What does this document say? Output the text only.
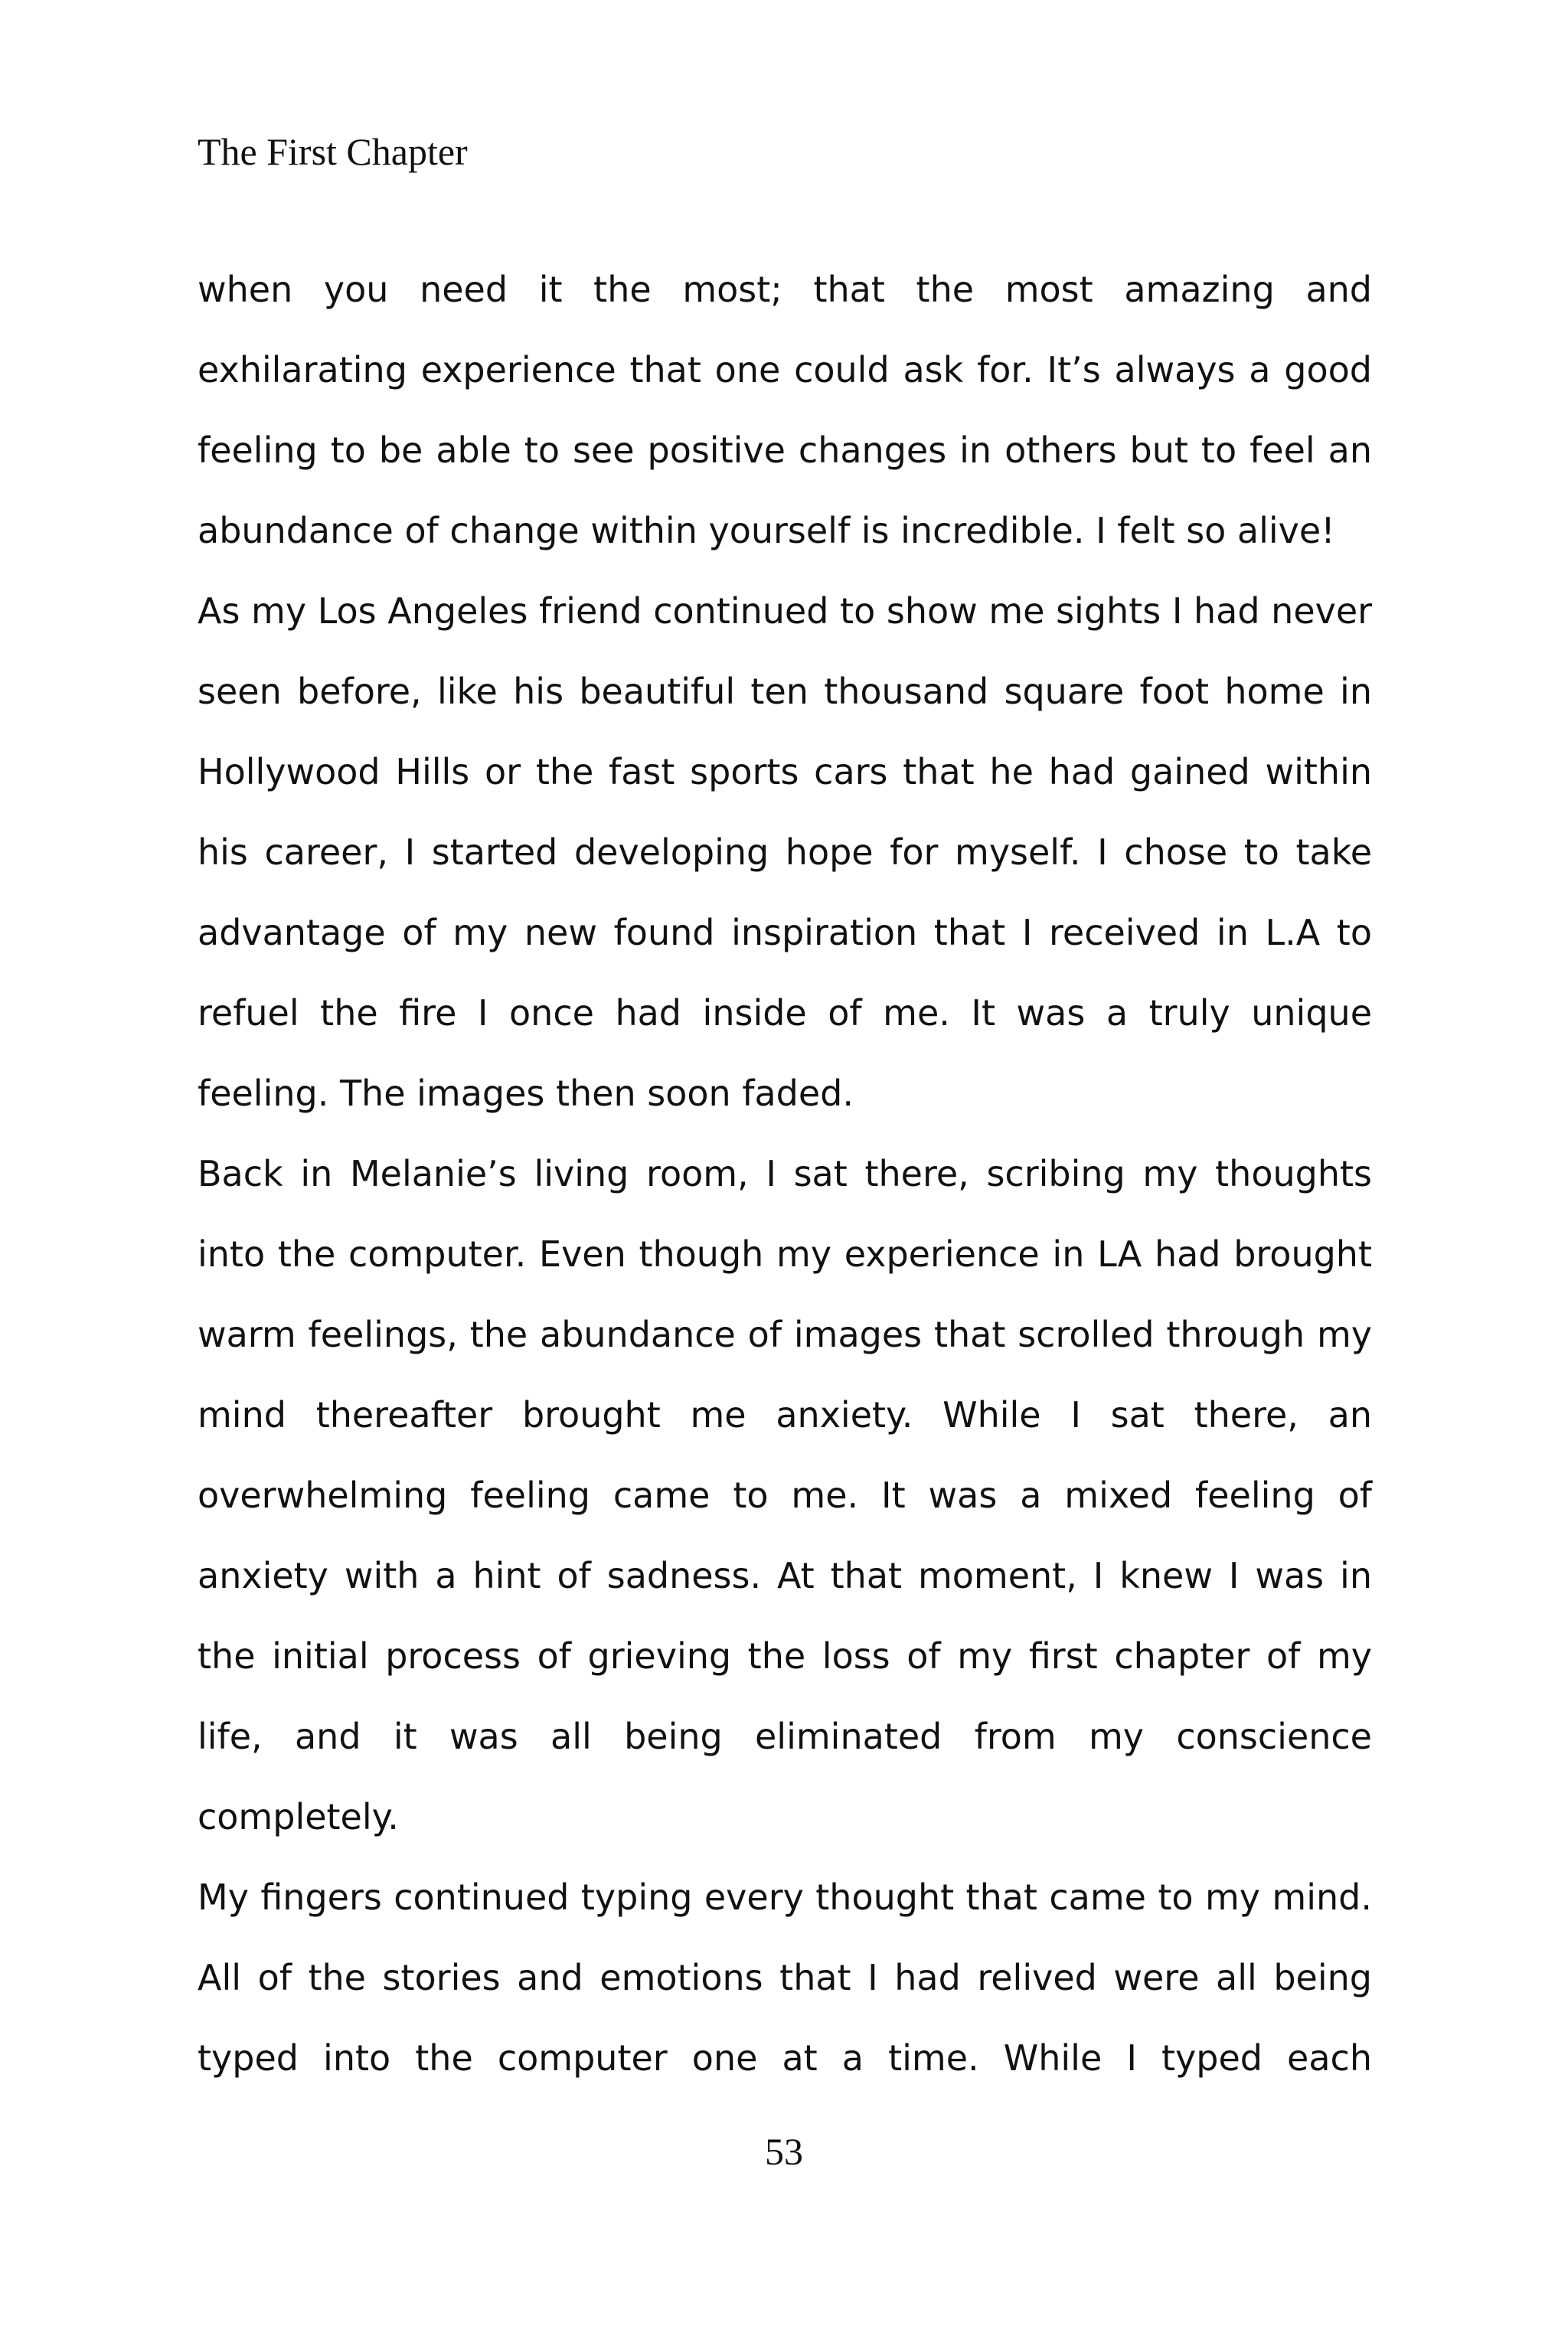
The First Chapter
when you need it the most; that the most amazing and
exhilarating experience that one could ask for. It’s always a good
feeling to be able to see positive changes in others but to feel an
abundance of change within yourself is incredible. I felt so alive!
As my Los Angeles friend continued to show me sights I had never
seen before, like his beautiful ten thousand square foot home in
Hollywood Hills or the fast sports cars that he had gained within
his career, I started developing hope for myself. I chose to take
advantage of my new found inspiration that I received in L.A to
refuel the fire I once had inside of me. It was a truly unique
feeling. The images then soon faded.
Back in Melanie’s living room, I sat there, scribing my thoughts
into the computer. Even though my experience in LA had brought
warm feelings, the abundance of images that scrolled through my
mind thereafter brought me anxiety. While I sat there, an
overwhelming feeling came to me. It was a mixed feeling of
anxiety with a hint of sadness. At that moment, I knew I was in
the initial process of grieving the loss of my first chapter of my
life, and it was all being eliminated from my conscience
completely.
My fingers continued typing every thought that came to my mind.
All of the stories and emotions that I had relived were all being
typed into the computer one at a time. While I typed each
53
